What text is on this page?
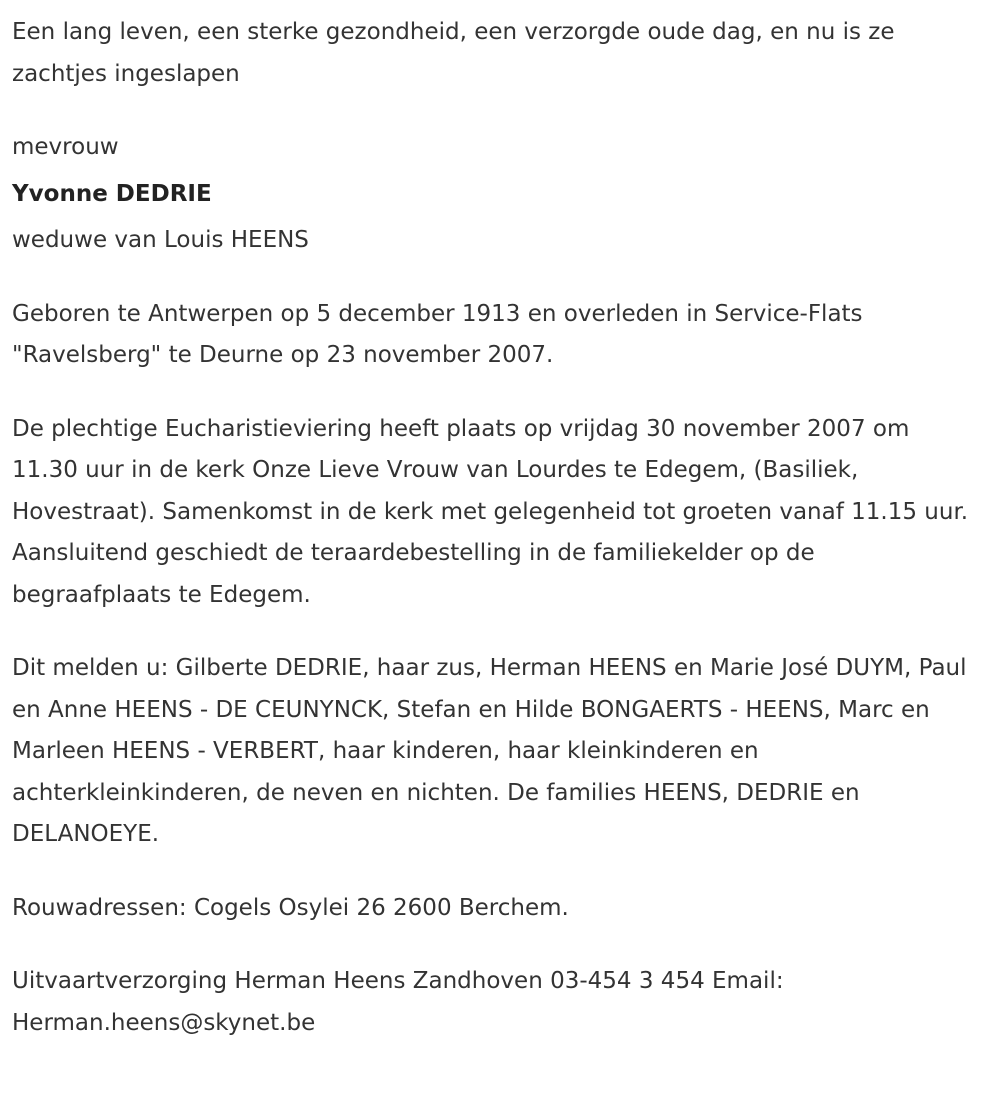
Een lang leven, een sterke gezondheid, een verzorgde oude dag, en nu is ze zachtjes ingeslapen

mevrouw

Yvonne DEDRIE

weduwe van Louis HEENS

Geboren te Antwerpen op 5 december 1913 en overleden in Service-Flats "Ravelsberg" te Deurne op 23 november 2007.

De plechtige Eucharistieviering heeft plaats op vrijdag 30 november 2007 om 11.30 uur in de kerk Onze Lieve Vrouw van Lourdes te Edegem, (Basiliek, Hovestraat). Samenkomst in de kerk met gelegenheid tot groeten vanaf 11.15 uur. Aansluitend geschiedt de teraardebestelling in de familiekelder op de begraafplaats te Edegem.

Dit melden u: Gilberte DEDRIE, haar zus, Herman HEENS en Marie José DUYM, Paul en Anne HEENS - DE CEUNYNCK, Stefan en Hilde BONGAERTS - HEENS, Marc en Marleen HEENS - VERBERT, haar kinderen, haar kleinkinderen en achterkleinkinderen, de neven en nichten. De families HEENS, DEDRIE en DELANOEYE.

Rouwadressen: Cogels Osylei 26 2600 Berchem.

Uitvaartverzorging Herman Heens Zandhoven 03-454 3 454 Email: Herman.heens@skynet.be
